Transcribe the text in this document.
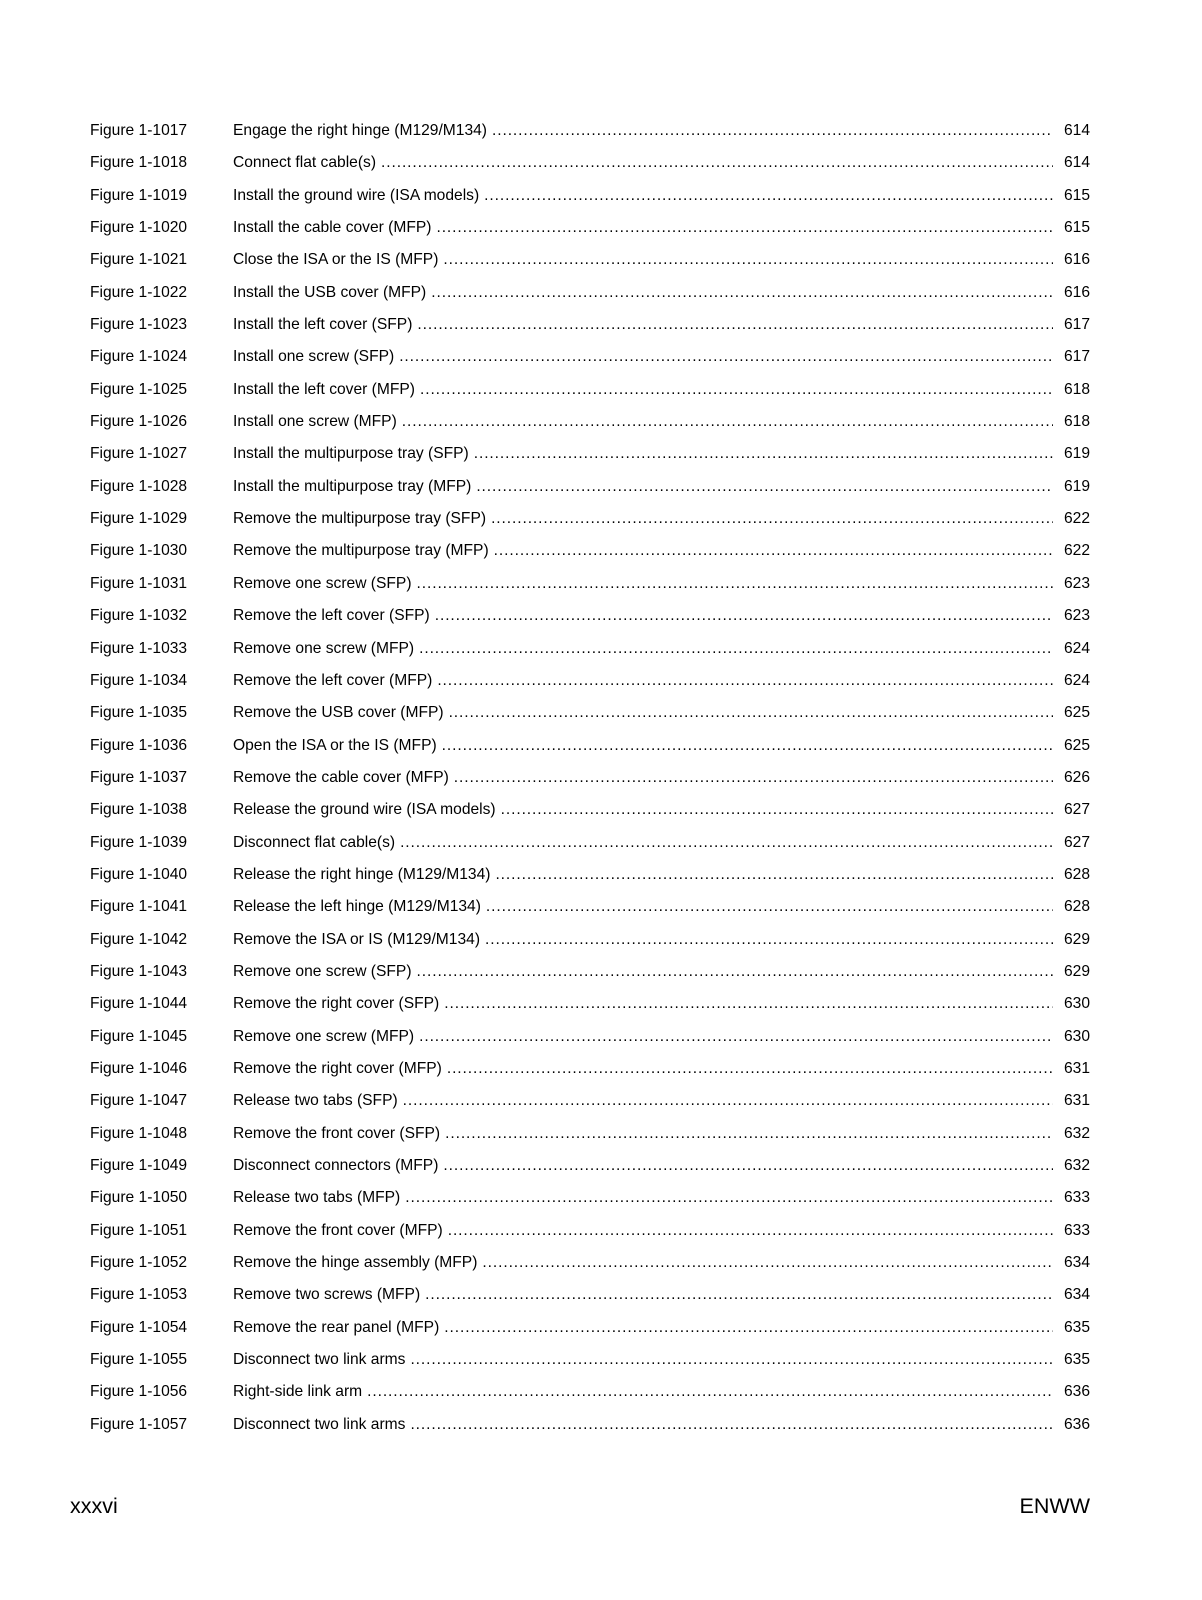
Figure 1-1017	Engage the right hinge (M129/M134) .....	614
Figure 1-1018	Connect flat cable(s) .....	614
Figure 1-1019	Install the ground wire (ISA models) .....	615
Figure 1-1020	Install the cable cover (MFP) .....	615
Figure 1-1021	Close the ISA or the IS (MFP) .....	616
Figure 1-1022	Install the USB cover (MFP) .....	616
Figure 1-1023	Install the left cover (SFP) .....	617
Figure 1-1024	Install one screw (SFP) .....	617
Figure 1-1025	Install the left cover (MFP) .....	618
Figure 1-1026	Install one screw (MFP) .....	618
Figure 1-1027	Install the multipurpose tray (SFP) .....	619
Figure 1-1028	Install the multipurpose tray (MFP) .....	619
Figure 1-1029	Remove the multipurpose tray (SFP) .....	622
Figure 1-1030	Remove the multipurpose tray (MFP) .....	622
Figure 1-1031	Remove one screw (SFP) .....	623
Figure 1-1032	Remove the left cover (SFP) .....	623
Figure 1-1033	Remove one screw (MFP) .....	624
Figure 1-1034	Remove the left cover (MFP) .....	624
Figure 1-1035	Remove the USB cover (MFP) .....	625
Figure 1-1036	Open the ISA or the IS (MFP) .....	625
Figure 1-1037	Remove the cable cover (MFP) .....	626
Figure 1-1038	Release the ground wire (ISA models) .....	627
Figure 1-1039	Disconnect flat cable(s) .....	627
Figure 1-1040	Release the right hinge (M129/M134) .....	628
Figure 1-1041	Release the left hinge (M129/M134) .....	628
Figure 1-1042	Remove the ISA or IS (M129/M134) .....	629
Figure 1-1043	Remove one screw (SFP) .....	629
Figure 1-1044	Remove the right cover (SFP) .....	630
Figure 1-1045	Remove one screw (MFP) .....	630
Figure 1-1046	Remove the right cover (MFP) .....	631
Figure 1-1047	Release two tabs (SFP) .....	631
Figure 1-1048	Remove the front cover (SFP) .....	632
Figure 1-1049	Disconnect connectors (MFP) .....	632
Figure 1-1050	Release two tabs (MFP) .....	633
Figure 1-1051	Remove the front cover (MFP) .....	633
Figure 1-1052	Remove the hinge assembly (MFP) .....	634
Figure 1-1053	Remove two screws (MFP) .....	634
Figure 1-1054	Remove the rear panel (MFP) .....	635
Figure 1-1055	Disconnect two link arms .....	635
Figure 1-1056	Right-side link arm .....	636
Figure 1-1057	Disconnect two link arms .....	636
xxxvi	ENWW
